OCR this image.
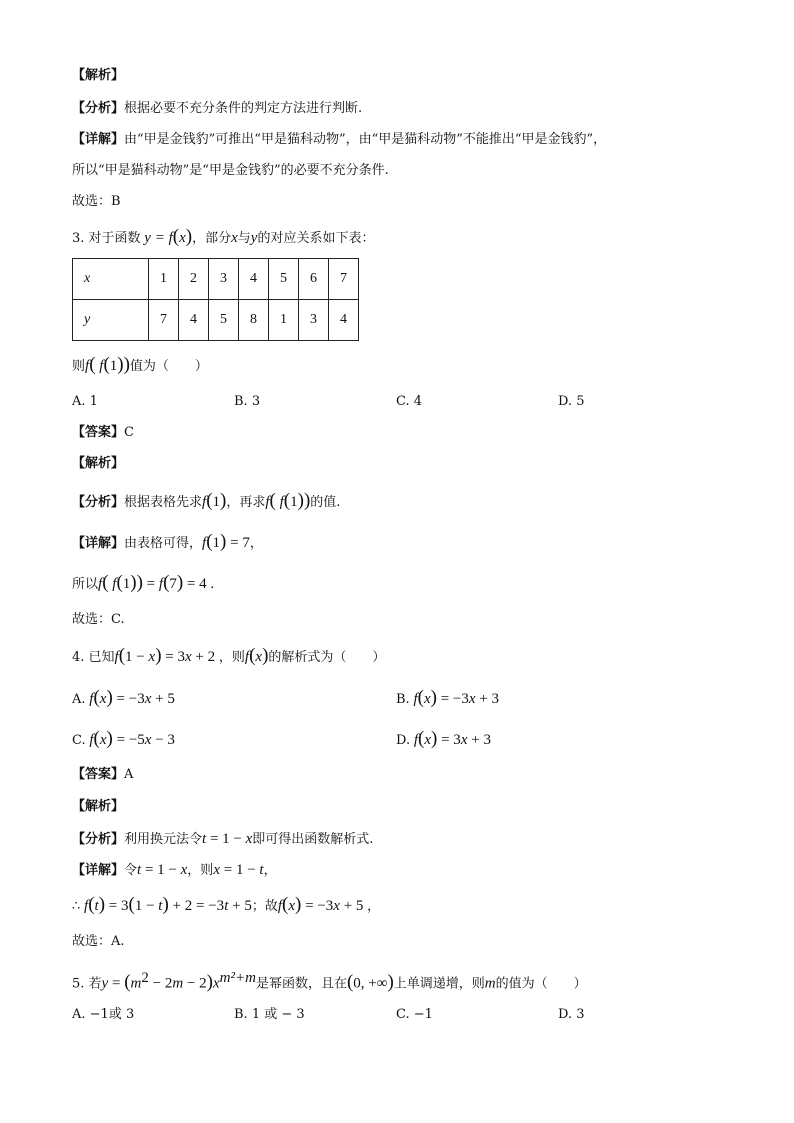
【解析】
【分析】根据必要不充分条件的判定方法进行判断.
【详解】由“甲是金钱豹”可推出“甲是猫科动物”，由“甲是猫科动物”不能推出“甲是金钱豹”，
所以“甲是猫科动物”是“甲是金钱豹”的必要不充分条件.
故选：B
3. 对于函数 y = f(x)，部分x与y的对应关系如下表：
x	1	2	3	4	5	6	7
y	7	4	5	8	1	3	4
则f( f(1))值为（　　）
A. 1	B. 3	C. 4	D. 5
【答案】C
【解析】
【分析】根据表格先求f(1)，再求f( f(1))的值.
【详解】由表格可得，f(1) = 7，
所以f( f(1)) = f(7) = 4 .
故选：C.
4. 已知f(1 − x) = 3x + 2 ，则f(x)的解析式为（　　）
A. f(x) = −3x + 5	B. f(x) = −3x + 3
C. f(x) = −5x − 3	D. f(x) = 3x + 3
【答案】A
【解析】
【分析】利用换元法令t = 1 − x即可得出函数解析式.
【详解】令t = 1 − x，则x = 1 − t，
∴ f(t) = 3(1 − t) + 2 = −3t + 5；故f(x) = −3x + 5 ，
故选：A.
5. 若$y = (m^2 - 2m - 2)x^{m^2+m}$是幂函数，且在(0, +∞)上单调递增，则m的值为（　　）
A. −1或 3	B. 1 或 − 3	C. −1	D. 3
